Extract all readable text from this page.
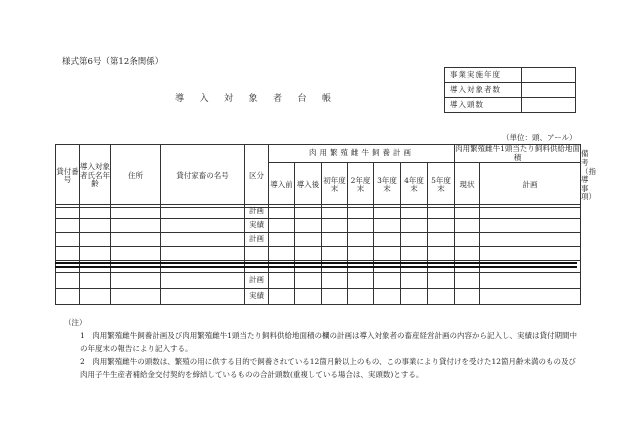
様式第6号（第12条関係）
導入対象者台帳
事業実施年度	
導入対象者数	
導入頭数	
（単位：頭、アール）
貸付番号	導入対象者氏名年齢	住所	貸付家畜の名号	区分	肉用繁殖雌牛飼養計画							肉用繁殖雌牛1頭当たり飼料供給地面積		備考（指導事項）
					導入前	導入後	初年度末	2年度末	3年度末	4年度末	5年度末	現状	計画	
				計画									
				実績									
				計画									

				計画									
				実績									
（注）
1　肉用繁殖雌牛飼養計画及び肉用繁殖雌牛1頭当たり飼料供給地面積の欄の計画は導入対象者の畜産経営計画の内容から記入し、実績は貸付期間中の年度末の報告により記入する。
2　肉用繁殖雌牛の頭数は、繁殖の用に供する目的で飼養されている12箇月齢以上のもの、この事業により貸付けを受けた12箇月齢未満のもの及び肉用子牛生産者補給金交付契約を締結しているものの合計頭数(重複している場合は、実頭数)とする。
